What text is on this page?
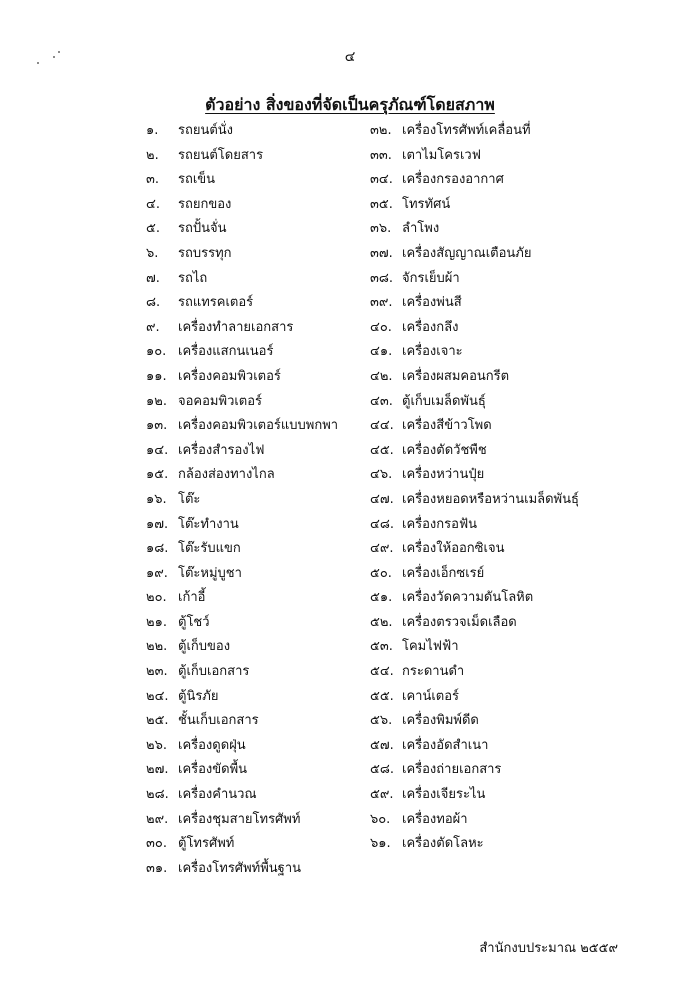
๔
ตัวอย่าง สิ่งของที่จัดเป็นครุภัณฑ์โดยสภาพ
๑.	รถยนต์นั่ง
๒.	รถยนต์โดยสาร
๓.	รถเข็น
๔.	รถยกของ
๕.	รถปั้นจั่น
๖.	รถบรรทุก
๗.	รถไถ
๘.	รถแทรคเตอร์
๙.	เครื่องทำลายเอกสาร
๑๐. เครื่องแสกนเนอร์
๑๑. เครื่องคอมพิวเตอร์
๑๒. จอคอมพิวเตอร์
๑๓. เครื่องคอมพิวเตอร์แบบพกพา
๑๔. เครื่องสำรองไฟ
๑๕. กล้องส่องทางไกล
๑๖. โต๊ะ
๑๗. โต๊ะทำงาน
๑๘. โต๊ะรับแขก
๑๙. โต๊ะหมู่บูชา
๒๐. เก้าอี้
๒๑. ตู้โชว์
๒๒. ตู้เก็บของ
๒๓. ตู้เก็บเอกสาร
๒๔. ตู้นิรภัย
๒๕. ชั้นเก็บเอกสาร
๒๖. เครื่องดูดฝุ่น
๒๗. เครื่องขัดพื้น
๒๘. เครื่องคำนวณ
๒๙. เครื่องชุมสายโทรศัพท์
๓๐. ตู้โทรศัพท์
๓๑. เครื่องโทรศัพท์พื้นฐาน
๓๒. เครื่องโทรศัพท์เคลื่อนที่
๓๓. เตาไมโครเวฟ
๓๔. เครื่องกรองอากาศ
๓๕. โทรทัศน์
๓๖. ลำโพง
๓๗. เครื่องสัญญาณเตือนภัย
๓๘. จักรเย็บผ้า
๓๙. เครื่องพ่นสี
๔๐. เครื่องกลึง
๔๑. เครื่องเจาะ
๔๒. เครื่องผสมคอนกรีต
๔๓. ตู้เก็บเมล็ดพันธุ์
๔๔. เครื่องสีข้าวโพด
๔๕. เครื่องตัดวัชพืช
๔๖. เครื่องหว่านปุ๋ย
๔๗. เครื่องหยอดหรือหว่านเมล็ดพันธุ์
๔๘. เครื่องกรอฟัน
๔๙. เครื่องให้ออกซิเจน
๕๐. เครื่องเอ็กซเรย์
๕๑. เครื่องวัดความดันโลหิต
๕๒. เครื่องตรวจเม็ดเลือด
๕๓. โคมไฟฟ้า
๕๔. กระดานดำ
๕๕. เคาน์เตอร์
๕๖. เครื่องพิมพ์ดีด
๕๗. เครื่องอัดสำเนา
๕๘. เครื่องถ่ายเอกสาร
๕๙. เครื่องเจียระไน
๖๐. เครื่องทอผ้า
๖๑. เครื่องตัดโลหะ
สำนักงบประมาณ ๒๕๕๙
